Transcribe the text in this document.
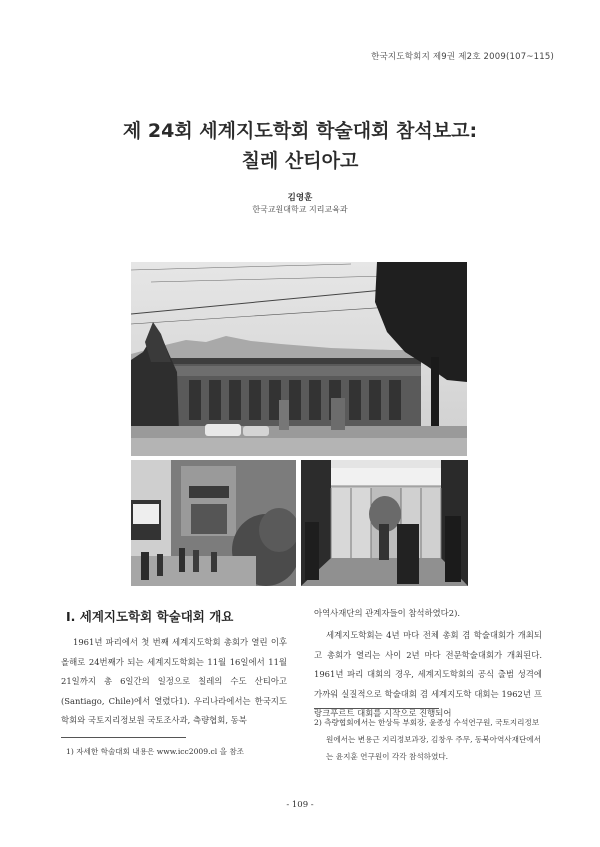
한국지도학회지 제9권 제2호 2009(107~115)
제 24회 세계지도학회 학술대회 참석보고:
칠레 산티아고
김영훈
한국교원대학교 지리교육과
I. 세계지도학회 학술대회 개요
1961년 파리에서 첫 번째 세계지도학회 총회가 열린 이후 올해로 24번째가 되는 세계지도학회는 11월 16일에서 11월 21일까지 총 6일간의 일정으로 칠레의 수도 산티아고(Santiago, Chile)에서 열렸다1). 우리나라에서는 한국지도학회와 국토지리정보원 국토조사과, 측량협회, 동북
아역사재단의 관계자들이 참석하였다2).
세계지도학회는 4년 마다 전체 총회 겸 학술대회가 개최되고 총회가 열리는 사이 2년 마다 전문학술대회가 개최된다. 1961년 파리 대회의 경우, 세계지도학회의 공식 출범 성격에 가까워 실질적으로 학술대회 겸 세계지도학 대회는 1962년 프랑크푸르트 대회를 시작으로 진행되어
1) 자세한 학술대회 내용은 www.icc2009.cl 을 참조
2) 측량협회에서는 한상득 부회장, 윤종성 수석연구원, 국토지리정보원에서는 변용근 지리정보과장, 김창우 주무, 동북아역사재단에서는 윤지훈 연구원이 각각 참석하였다.
- 109 -
